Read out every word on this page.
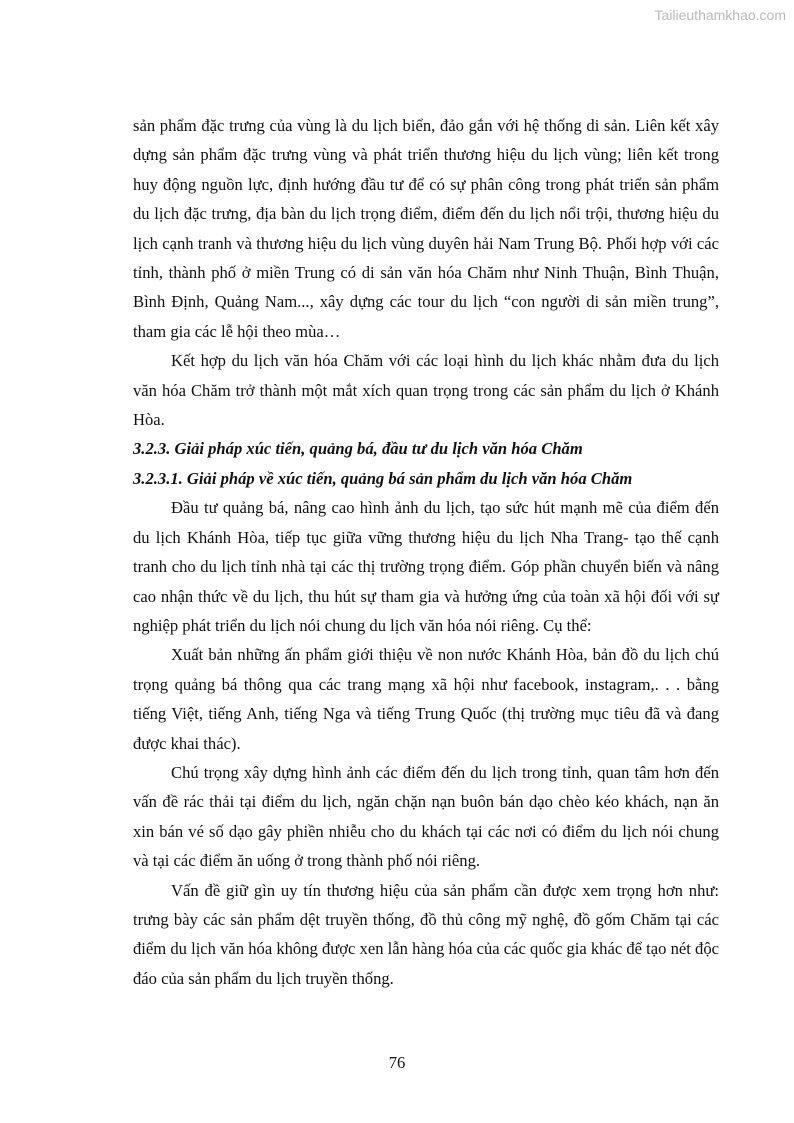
Tailieuthamkhao.com

sản phẩm đặc trưng của vùng là du lịch biển, đảo gắn với hệ thống di sản. Liên kết xây dựng sản phẩm đặc trưng vùng và phát triển thương hiệu du lịch vùng; liên kết trong huy động nguồn lực, định hướng đầu tư để có sự phân công trong phát triển sản phẩm du lịch đặc trưng, địa bàn du lịch trọng điểm, điểm đến du lịch nổi trội, thương hiệu du lịch cạnh tranh và thương hiệu du lịch vùng duyên hải Nam Trung Bộ. Phối hợp với các tỉnh, thành phố ở miền Trung có di sản văn hóa Chăm như Ninh Thuận, Bình Thuận, Bình Định, Quảng Nam..., xây dựng các tour du lịch “con người di sản miền trung”, tham gia các lễ hội theo mùa…

Kết hợp du lịch văn hóa Chăm với các loại hình du lịch khác nhằm đưa du lịch văn hóa Chăm trở thành một mắt xích quan trọng trong các sản phẩm du lịch ở Khánh Hòa.

3.2.3. Giải pháp xúc tiến, quảng bá, đầu tư du lịch văn hóa Chăm
3.2.3.1. Giải pháp về xúc tiến, quảng bá sản phẩm du lịch văn hóa Chăm

Đầu tư quảng bá, nâng cao hình ảnh du lịch, tạo sức hút mạnh mẽ của điểm đến du lịch Khánh Hòa, tiếp tục giữa vững thương hiệu du lịch Nha Trang- tạo thế cạnh tranh cho du lịch tỉnh nhà tại các thị trường trọng điểm. Góp phần chuyển biến và nâng cao nhận thức về du lịch, thu hút sự tham gia và hưởng ứng của toàn xã hội đối với sự nghiệp phát triển du lịch nói chung du lịch văn hóa nói riêng. Cụ thể:

Xuất bản những ấn phẩm giới thiệu về non nước Khánh Hòa, bản đồ du lịch chú trọng quảng bá thông qua các trang mạng xã hội như facebook, instagram,. . . bằng tiếng Việt, tiếng Anh, tiếng Nga và tiếng Trung Quốc (thị trường mục tiêu đã và đang được khai thác).

Chú trọng xây dựng hình ảnh các điểm đến du lịch trong tỉnh, quan tâm hơn đến vấn đề rác thải tại điểm du lịch, ngăn chặn nạn buôn bán dạo chèo kéo khách, nạn ăn xin bán vé số dạo gây phiền nhiễu cho du khách tại các nơi có điểm du lịch nói chung và tại các điểm ăn uống ở trong thành phố nói riêng.

Vấn đề giữ gìn uy tín thương hiệu của sản phẩm cần được xem trọng hơn như: trưng bày các sản phẩm dệt truyền thống, đồ thủ công mỹ nghệ, đồ gốm Chăm tại các điểm du lịch văn hóa không được xen lẫn hàng hóa của các quốc gia khác để tạo nét độc đáo của sản phẩm du lịch truyền thống.

76
